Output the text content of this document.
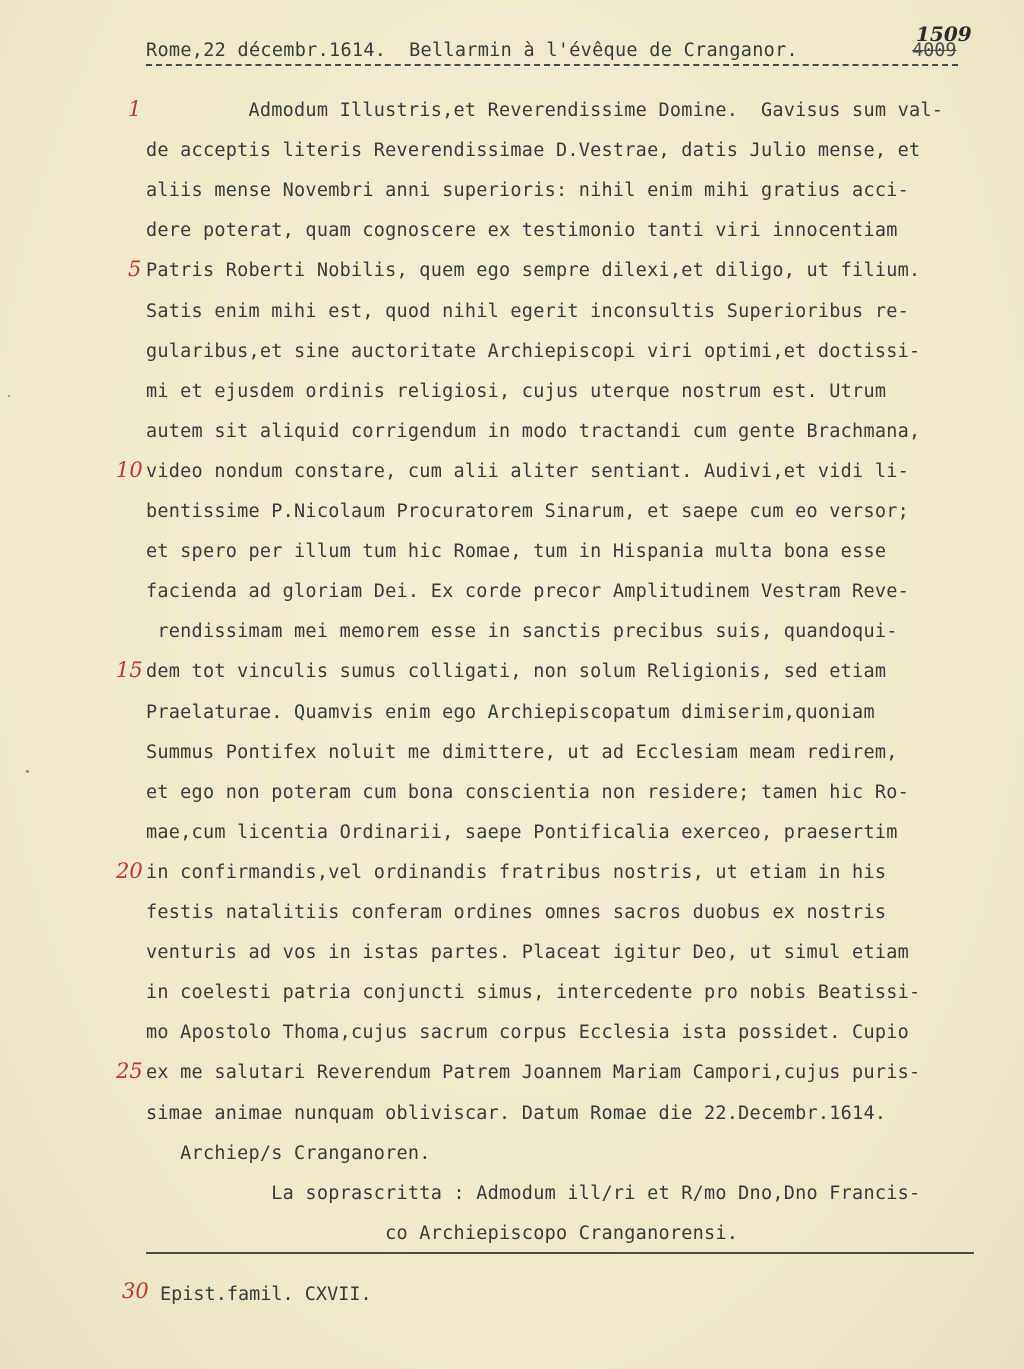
Rome,22 décembr.1614.  Bellarmin à l'évêque de Cranganor.
1509
4009
Admodum Illustris,et Reverendissime Domine.  Gavisus sum val-
1
de acceptis literis Reverendissimae D.Vestrae, datis Julio mense, et
aliis mense Novembri anni superioris: nihil enim mihi gratius acci-
dere poterat, quam cognoscere ex testimonio tanti viri innocentiam
Patris Roberti Nobilis, quem ego sempre dilexi,et diligo, ut filium.
5
Satis enim mihi est, quod nihil egerit inconsultis Superioribus re-
gularibus,et sine auctoritate Archiepiscopi viri optimi,et doctissi-
mi et ejusdem ordinis religiosi, cujus uterque nostrum est. Utrum
autem sit aliquid corrigendum in modo tractandi cum gente Brachmana,
video nondum constare, cum alii aliter sentiant. Audivi,et vidi li-
10
bentissime P.Nicolaum Procuratorem Sinarum, et saepe cum eo versor;
et spero per illum tum hic Romae, tum in Hispania multa bona esse
facienda ad gloriam Dei. Ex corde precor Amplitudinem Vestram Reve-
rendissimam mei memorem esse in sanctis precibus suis, quandoqui-
dem tot vinculis sumus colligati, non solum Religionis, sed etiam
15
Praelaturae. Quamvis enim ego Archiepiscopatum dimiserim,quoniam
Summus Pontifex noluit me dimittere, ut ad Ecclesiam meam redirem,
et ego non poteram cum bona conscientia non residere; tamen hic Ro-
mae,cum licentia Ordinarii, saepe Pontificalia exerceo, praesertim
in confirmandis,vel ordinandis fratribus nostris, ut etiam in his
20
festis natalitiis conferam ordines omnes sacros duobus ex nostris
venturis ad vos in istas partes. Placeat igitur Deo, ut simul etiam
in coelesti patria conjuncti simus, intercedente pro nobis Beatissi-
mo Apostolo Thoma,cujus sacrum corpus Ecclesia ista possidet. Cupio
ex me salutari Reverendum Patrem Joannem Mariam Campori,cujus puris-
25
simae animae nunquam obliviscar. Datum Romae die 22.Decembr.1614.
Archiep/s Cranganoren.
La soprascritta : Admodum ill/ri et R/mo Dno,Dno Francis-
co Archiepiscopo Cranganorensi.
30 Epist.famil. CXVII.
